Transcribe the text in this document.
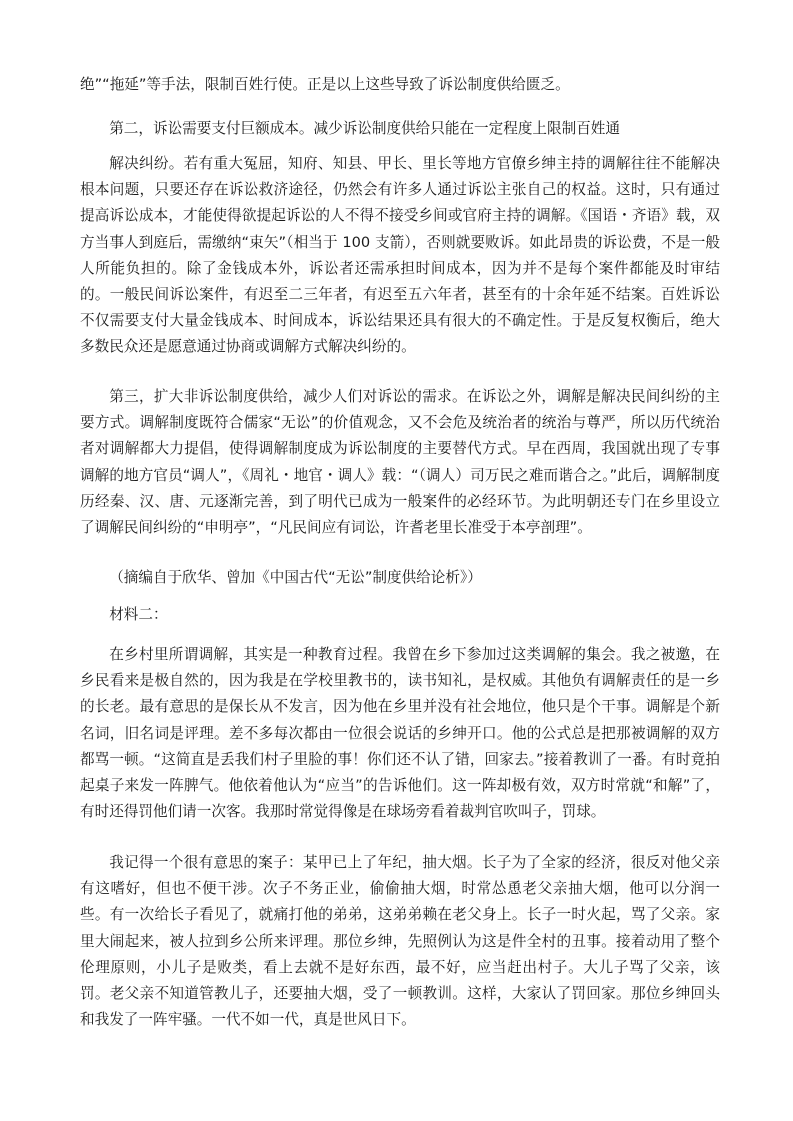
绝”“拖延”等手法，限制百姓行使。正是以上这些导致了诉讼制度供给匮乏。

第二，诉讼需要支付巨额成本。减少诉讼制度供给只能在一定程度上限制百姓通

解决纠纷。若有重大冤屈，知府、知县、甲长、里长等地方官僚乡绅主持的调解往往不能解决根本问题，只要还存在诉讼救济途径，仍然会有许多人通过诉讼主张自己的权益。这时，只有通过提高诉讼成本，才能使得欲提起诉讼的人不得不接受乡间或官府主持的调解。《国语・齐语》载，双方当事人到庭后，需缴纳“束矢”（相当于 100 支箭），否则就要败诉。如此昂贵的诉讼费，不是一般人所能负担的。除了金钱成本外，诉讼者还需承担时间成本，因为并不是每个案件都能及时审结的。一般民间诉讼案件，有迟至二三年者，有迟至五六年者，甚至有的十余年延不结案。百姓诉讼不仅需要支付大量金钱成本、时间成本，诉讼结果还具有很大的不确定性。于是反复权衡后，绝大多数民众还是愿意通过协商或调解方式解决纠纷的。

第三，扩大非诉讼制度供给，减少人们对诉讼的需求。在诉讼之外，调解是解决民间纠纷的主要方式。调解制度既符合儒家“无讼”的价值观念，又不会危及统治者的统治与尊严，所以历代统治者对调解都大力提倡，使得调解制度成为诉讼制度的主要替代方式。早在西周，我国就出现了专事调解的地方官员“调人”，《周礼・地官・调人》载：“（调人）司万民之难而谐合之。”此后，调解制度历经秦、汉、唐、元逐渐完善，到了明代已成为一般案件的必经环节。为此明朝还专门在乡里设立了调解民间纠纷的“申明亭”，“凡民间应有词讼，许耆老里长准受于本亭剖理”。

（摘编自于欣华、曾加《中国古代“无讼”制度供给论析》）

材料二：

在乡村里所谓调解，其实是一种教育过程。我曾在乡下参加过这类调解的集会。我之被邀，在乡民看来是极自然的，因为我是在学校里教书的，读书知礼，是权威。其他负有调解责任的是一乡的长老。最有意思的是保长从不发言，因为他在乡里并没有社会地位，他只是个干事。调解是个新名词，旧名词是评理。差不多每次都由一位很会说话的乡绅开口。他的公式总是把那被调解的双方都骂一顿。“这简直是丢我们村子里脸的事！你们还不认了错，回家去。”接着教训了一番。有时竟拍起桌子来发一阵脾气。他依着他认为“应当”的告诉他们。这一阵却极有效，双方时常就“和解”了，有时还得罚他们请一次客。我那时常觉得像是在球场旁看着裁判官吹叫子，罚球。

我记得一个很有意思的案子：某甲已上了年纪，抽大烟。长子为了全家的经济，很反对他父亲有这嗜好，但也不便干涉。次子不务正业，偷偷抽大烟，时常怂恿老父亲抽大烟，他可以分润一些。有一次给长子看见了，就痛打他的弟弟，这弟弟赖在老父身上。长子一时火起，骂了父亲。家里大闹起来，被人拉到乡公所来评理。那位乡绅，先照例认为这是件全村的丑事。接着动用了整个伦理原则，小儿子是败类，看上去就不是好东西，最不好，应当赶出村子。大儿子骂了父亲，该罚。老父亲不知道管教儿子，还要抽大烟，受了一顿教训。这样，大家认了罚回家。那位乡绅回头和我发了一阵牢骚。一代不如一代，真是世风日下。
